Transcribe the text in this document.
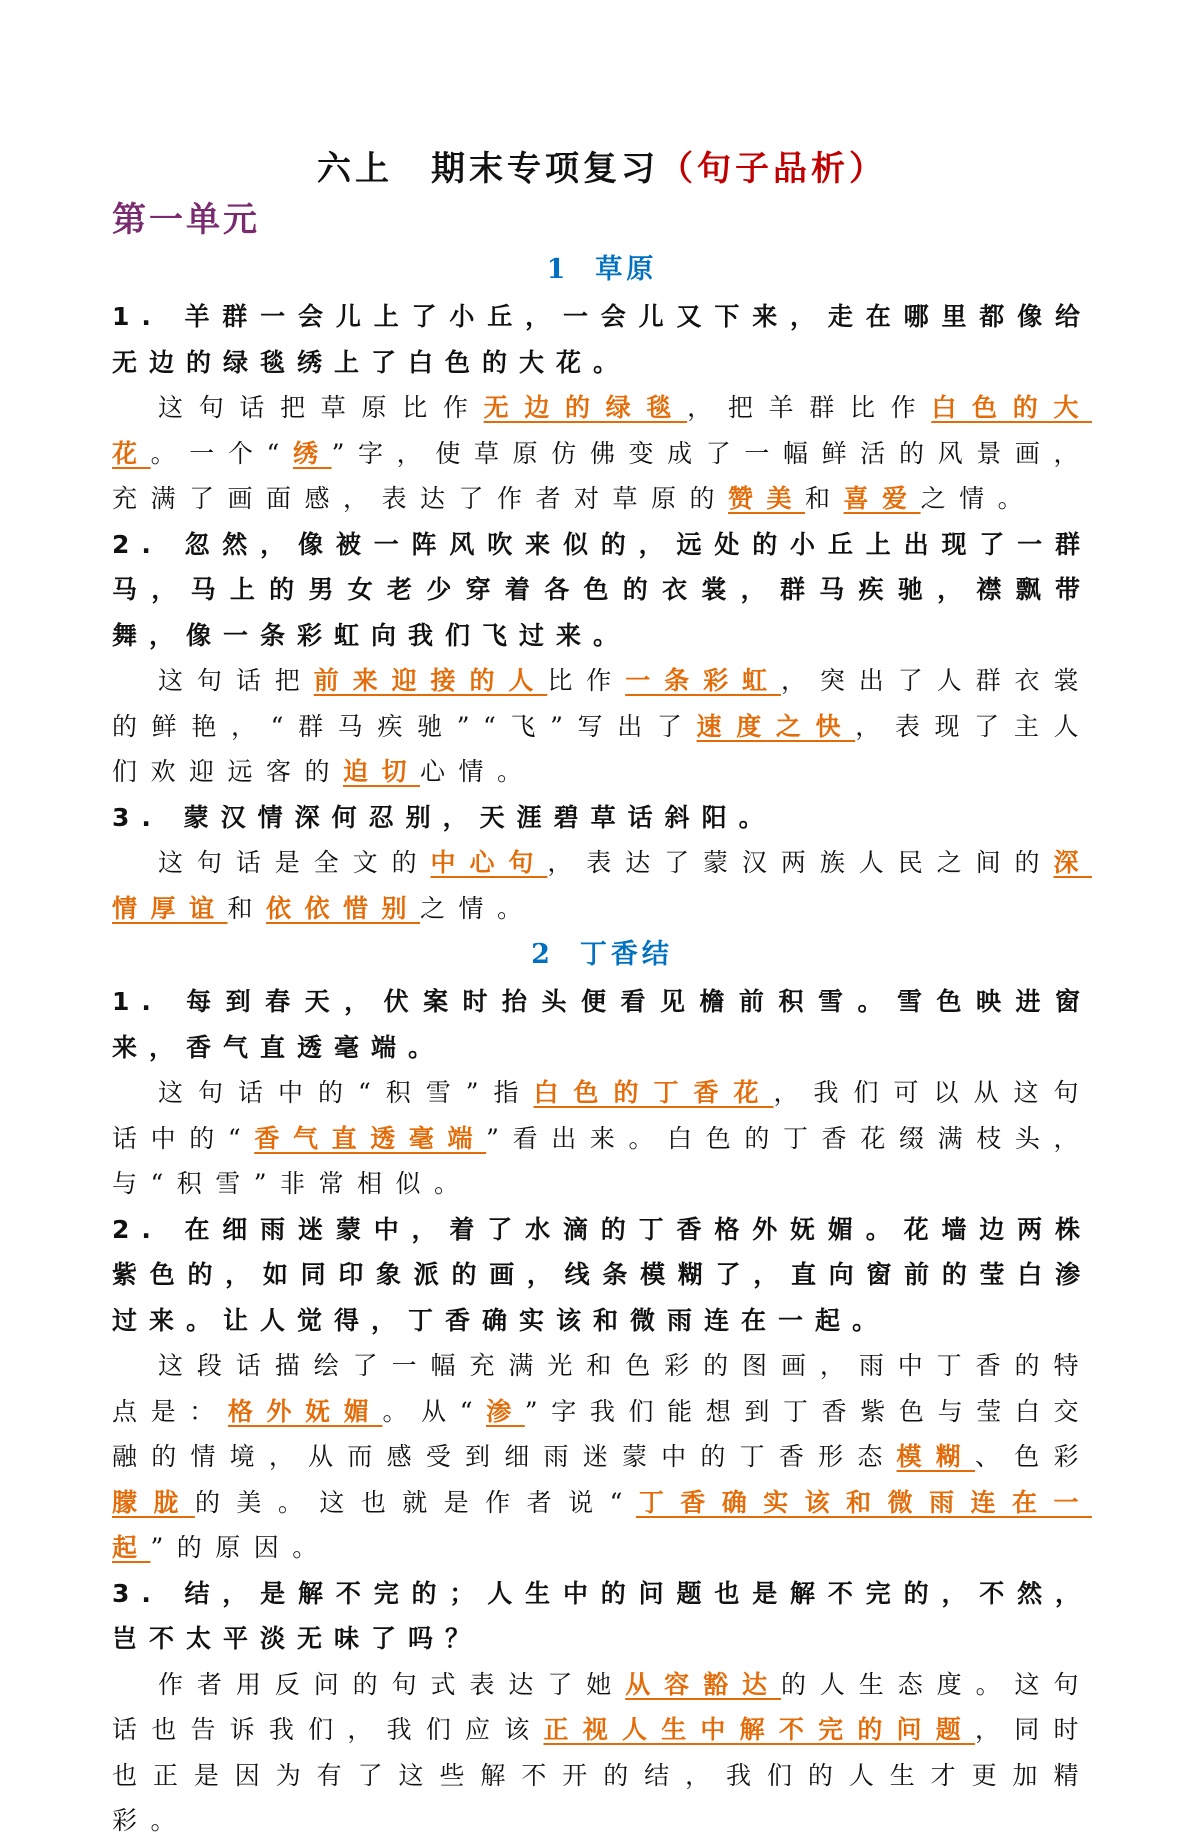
六上　期末专项复习（句子品析）
第一单元
1 草原

1. 羊群一会儿上了小丘，一会儿又下来，走在哪里都像给无边的绿毯绣上了白色的大花。

这句话把草原比作无边的绿毯，把羊群比作白色的大花。一个“绣”字，使草原仿佛变成了一幅鲜活的风景画，充满了画面感，表达了作者对草原的赞美和喜爱之情。

2. 忽然，像被一阵风吹来似的，远处的小丘上出现了一群马，马上的男女老少穿着各色的衣裳，群马疾驰，襟飘带舞，像一条彩虹向我们飞过来。

这句话把前来迎接的人比作一条彩虹，突出了人群衣裳的鲜艳，“群马疾驰”“飞”写出了速度之快，表现了主人们欢迎远客的迫切心情。

3. 蒙汉情深何忍别，天涯碧草话斜阳。

这句话是全文的中心句，表达了蒙汉两族人民之间的深情厚谊和依依惜别之情。

2 丁香结

1. 每到春天，伏案时抬头便看见檐前积雪。雪色映进窗来，香气直透毫端。

这句话中的“积雪”指白色的丁香花，我们可以从这句话中的“香气直透毫端”看出来。白色的丁香花缀满枝头，与“积雪”非常相似。

2. 在细雨迷蒙中，着了水滴的丁香格外妩媚。花墙边两株紫色的，如同印象派的画，线条模糊了，直向窗前的莹白渗过来。让人觉得，丁香确实该和微雨连在一起。

这段话描绘了一幅充满光和色彩的图画，雨中丁香的特点是：格外妩媚。从“渗”字我们能想到丁香紫色与莹白交融的情境，从而感受到细雨迷蒙中的丁香形态模糊、色彩朦胧的美。这也就是作者说“丁香确实该和微雨连在一起”的原因。

3. 结，是解不完的；人生中的问题也是解不完的，不然，岂不太平淡无味了吗？

作者用反问的句式表达了她从容豁达的人生态度。这句话也告诉我们，我们应该正视人生中解不完的问题，同时也正是因为有了这些解不开的结，我们的人生才更加精彩。
